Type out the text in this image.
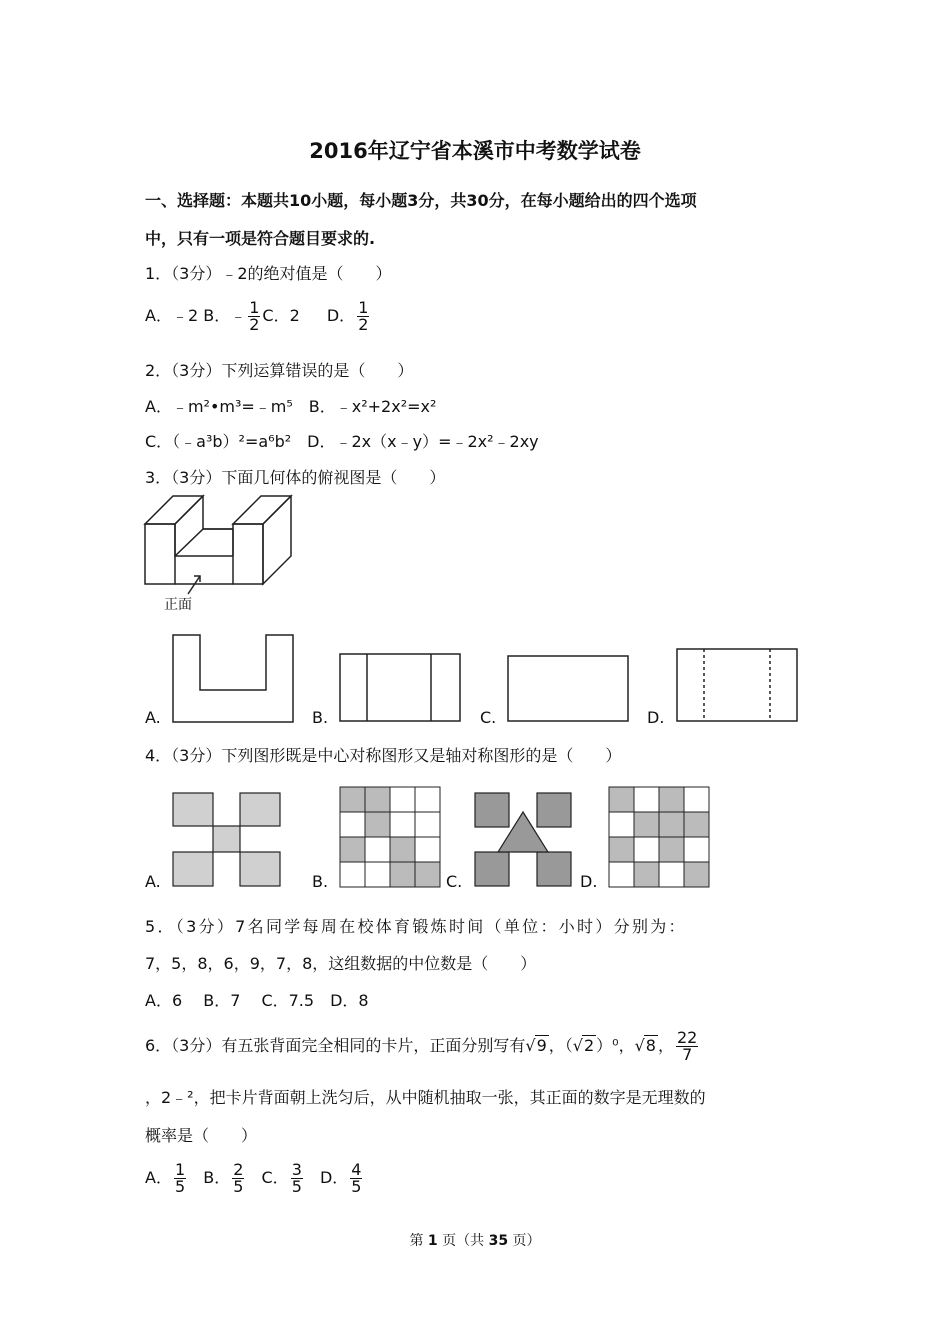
2016年辽宁省本溪市中考数学试卷
一、选择题：本题共10小题，每小题3分，共30分，在每小题给出的四个选项
中，只有一项是符合题目要求的.
1．（3分）﹣2的绝对值是（　　）
A．﹣2 B．﹣ $\frac{1}{2}$ C．2 D． $\frac{1}{2}$
2．（3分）下列运算错误的是（　　）
A．﹣m²•m³=﹣m⁵　B．﹣x²+2x²=x²
C．（﹣a³b）²=a⁶b²　D．﹣2x（x﹣y）=﹣2x²﹣2xy
3．（3分）下面几何体的俯视图是（　　）
正面
A.	B.	C.	D.
4．（3分）下列图形既是中心对称图形又是轴对称图形的是（　　）
A.	B.	C.	D.
5．（3分）7名同学每周在校体育锻炼时间（单位：小时）分别为：
7，5，8，6，9，7，8，这组数据的中位数是（　　）
A．6　 B．7　 C．7.5　D．8
6．（3分）有五张背面完全相同的卡片，正面分别写有√9 ，（√2 ）⁰，√8 ， $\frac{22}{7}$
，2﹣²，把卡片背面朝上洗匀后，从中随机抽取一张，其正面的数字是无理数的
概率是（　　）
A． $\frac{1}{5}$ B． $\frac{2}{5}$ C． $\frac{3}{5}$ D． $\frac{4}{5}$
第 1 页（共 35 页）
